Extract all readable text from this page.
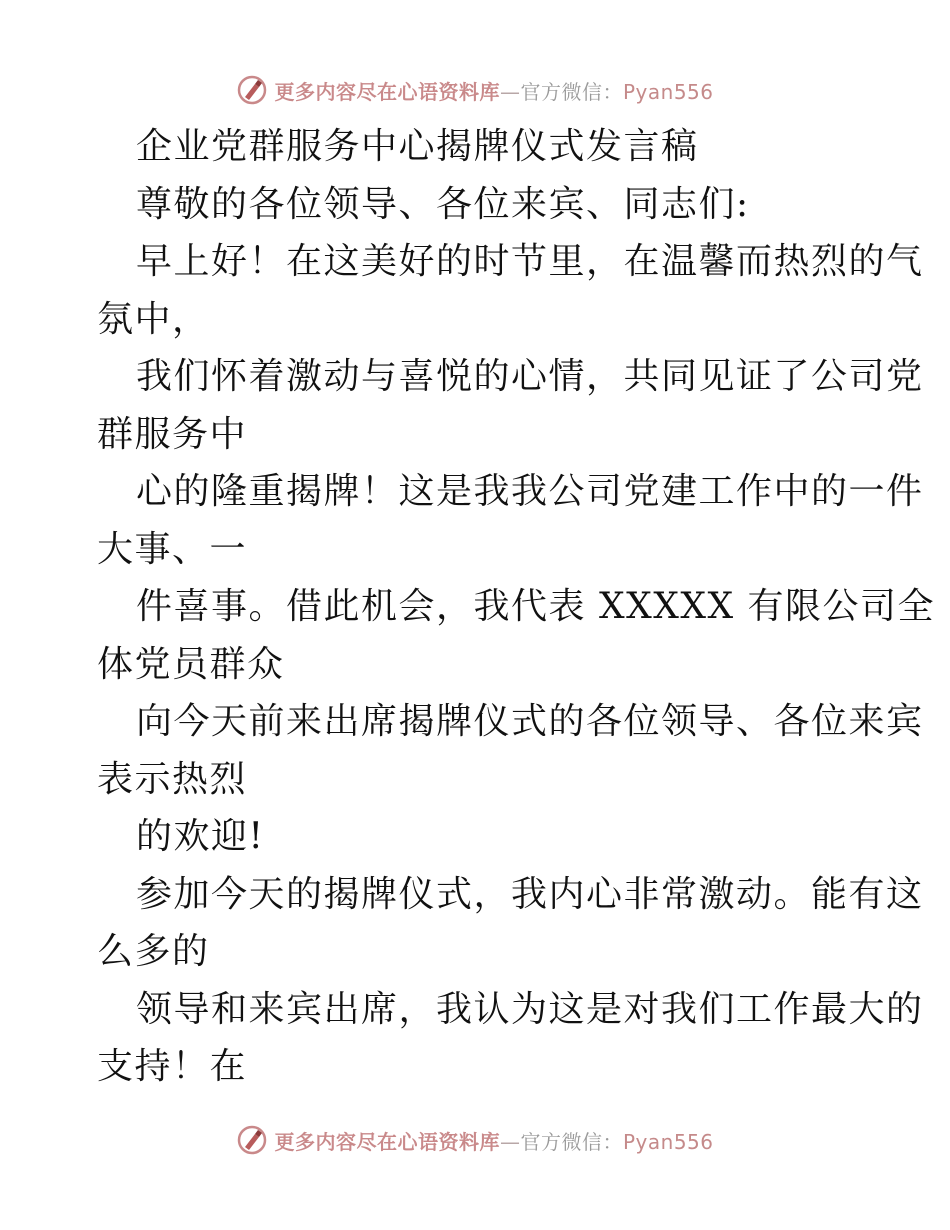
更多内容尽在心语资料库—官方微信：Pyan556
企业党群服务中心揭牌仪式发言稿
尊敬的各位领导、各位来宾、同志们:
早上好！在这美好的时节里，在温馨而热烈的气
氛中，
我们怀着激动与喜悦的心情，共同见证了公司党
群服务中
心的隆重揭牌！这是我我公司党建工作中的一件
大事、一
件喜事。借此机会，我代表 XXXXX 有限公司全
体党员群众
向今天前来出席揭牌仪式的各位领导、各位来宾
表示热烈
的欢迎!
参加今天的揭牌仪式，我内心非常激动。能有这
么多的
领导和来宾出席，我认为这是对我们工作最大的
支持！在
更多内容尽在心语资料库—官方微信：Pyan556
